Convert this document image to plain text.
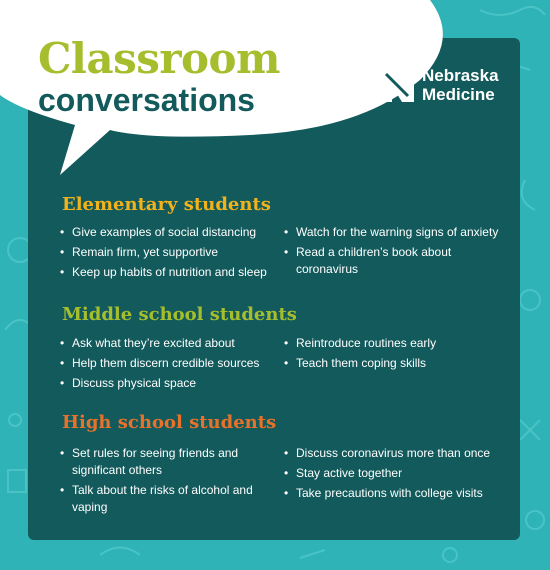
Classroom
conversations
Nebraska
Medicine
Elementary students
• Give examples of social distancing
• Remain firm, yet supportive
• Keep up habits of nutrition and sleep
• Watch for the warning signs of anxiety
• Read a children’s book about coronavirus
Middle school students
• Ask what they’re excited about
• Help them discern credible sources
• Discuss physical space
• Reintroduce routines early
• Teach them coping skills
High school students
• Set rules for seeing friends and significant others
• Talk about the risks of alcohol and vaping
• Discuss coronavirus more than once
• Stay active together
• Take precautions with college visits
